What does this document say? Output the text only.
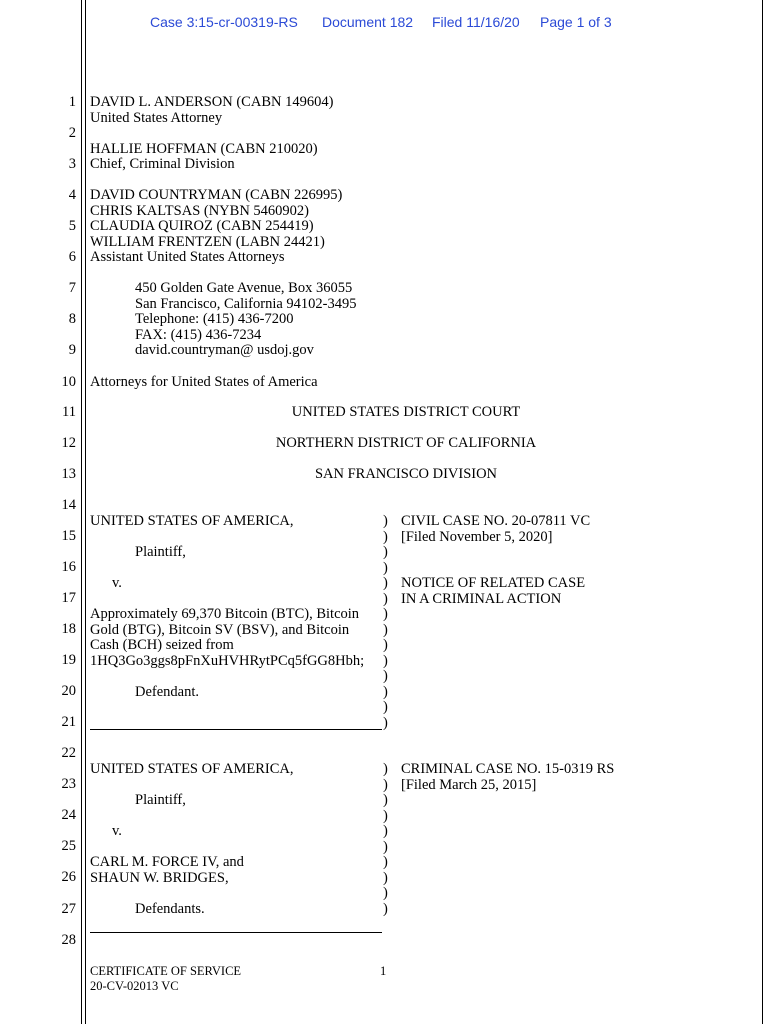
Case 3:15-cr-00319-RS Document 182 Filed 11/16/20 Page 1 of 3
1
2
3
4
5
6
7
8
9
10
11
12
13
14
15
16
17
18
19
20
21
22
23
24
25
26
27
28
DAVID L. ANDERSON (CABN 149604)
United States Attorney
HALLIE HOFFMAN (CABN 210020)
Chief, Criminal Division
DAVID COUNTRYMAN (CABN 226995)
CHRIS KALTSAS (NYBN 5460902)
CLAUDIA QUIROZ (CABN 254419)
WILLIAM FRENTZEN (LABN 24421)
Assistant United States Attorneys
450 Golden Gate Avenue, Box 36055
San Francisco, California 94102-3495
Telephone: (415) 436-7200
FAX: (415) 436-7234
david.countryman@ usdoj.gov
Attorneys for United States of America
UNITED STATES DISTRICT COURT
NORTHERN DISTRICT OF CALIFORNIA
SAN FRANCISCO DIVISION
UNITED STATES OF AMERICA,
Plaintiff,
v.
Approximately 69,370 Bitcoin (BTC), Bitcoin
Gold (BTG), Bitcoin SV (BSV), and Bitcoin
Cash (BCH) seized from
1HQ3Go3ggs8pFnXuHVHRytPCq5fGG8Hbh;
Defendant.
CIVIL CASE NO. 20-07811 VC
[Filed November 5, 2020]
NOTICE OF RELATED CASE
IN A CRIMINAL ACTION
)
)
)
)
)
)
)
)
)
)
)
)
)
)
UNITED STATES OF AMERICA,
Plaintiff,
v.
CARL M. FORCE IV, and
SHAUN W. BRIDGES,
Defendants.
CRIMINAL CASE NO. 15-0319 RS
[Filed March 25, 2015]
)
)
)
)
)
)
)
)
)
)
CERTIFICATE OF SERVICE
20-CV-02013 VC
1
